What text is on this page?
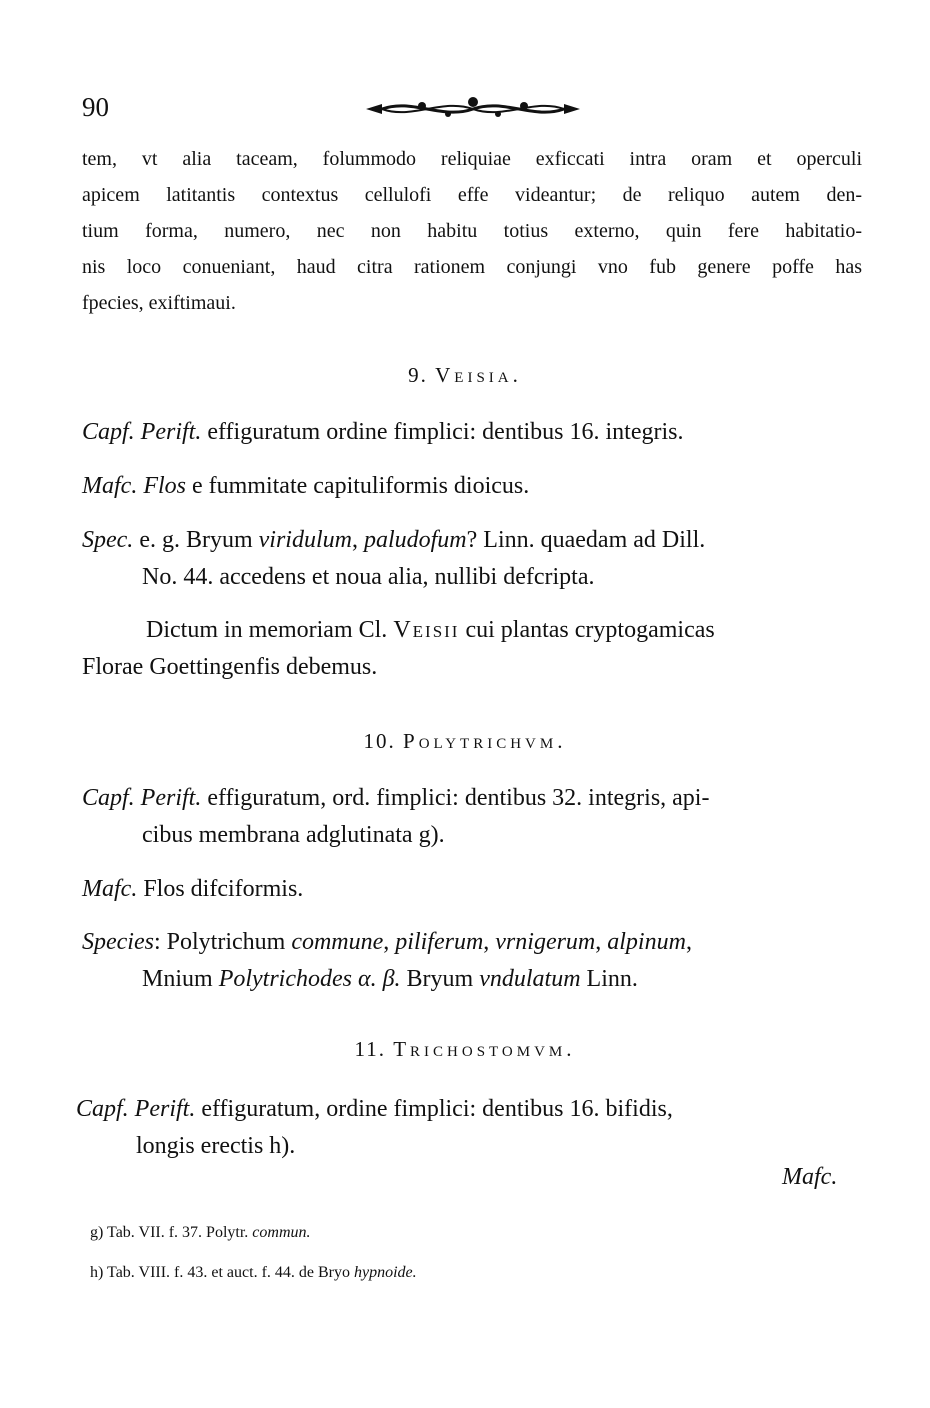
90
tem, vt alia taceam, folummodo reliquiae exficcati intra oram et operculi
apicem latitantis contextus cellulofi effe videantur; de reliquo autem den-
tium forma, numero, nec non habitu totius externo, quin fere habitatio-
nis loco conueniant, haud citra rationem conjungi vno fub genere poffe has
fpecies, exiftimaui.
9. Veisia.
Capf. Perift. effiguratum ordine fimplici: dentibus 16. integris.
Mafc. Flos e fummitate capituliformis dioicus.
Spec. e. g. Bryum viridulum, paludofum? Linn. quaedam ad Dill.
No. 44. accedens et noua alia, nullibi defcripta.
Dictum in memoriam Cl. Veisii cui plantas cryptogamicas
Florae Goettingenfis debemus.
10. Polytrichvm.
Capf. Perift. effiguratum, ord. fimplici: dentibus 32. integris, api-
cibus membrana adglutinata g).
Mafc. Flos difciformis.
Species: Polytrichum commune, piliferum, vrnigerum, alpinum,
Mnium Polytrichodes α. β. Bryum vndulatum Linn.
11. Trichostomvm.
Capf. Perift. effiguratum, ordine fimplici: dentibus 16. bifidis,
longis erectis h).
Mafc.
g) Tab. VII. f. 37. Polytr. commun.
h) Tab. VIII. f. 43. et auct. f. 44. de Bryo hypnoide.
